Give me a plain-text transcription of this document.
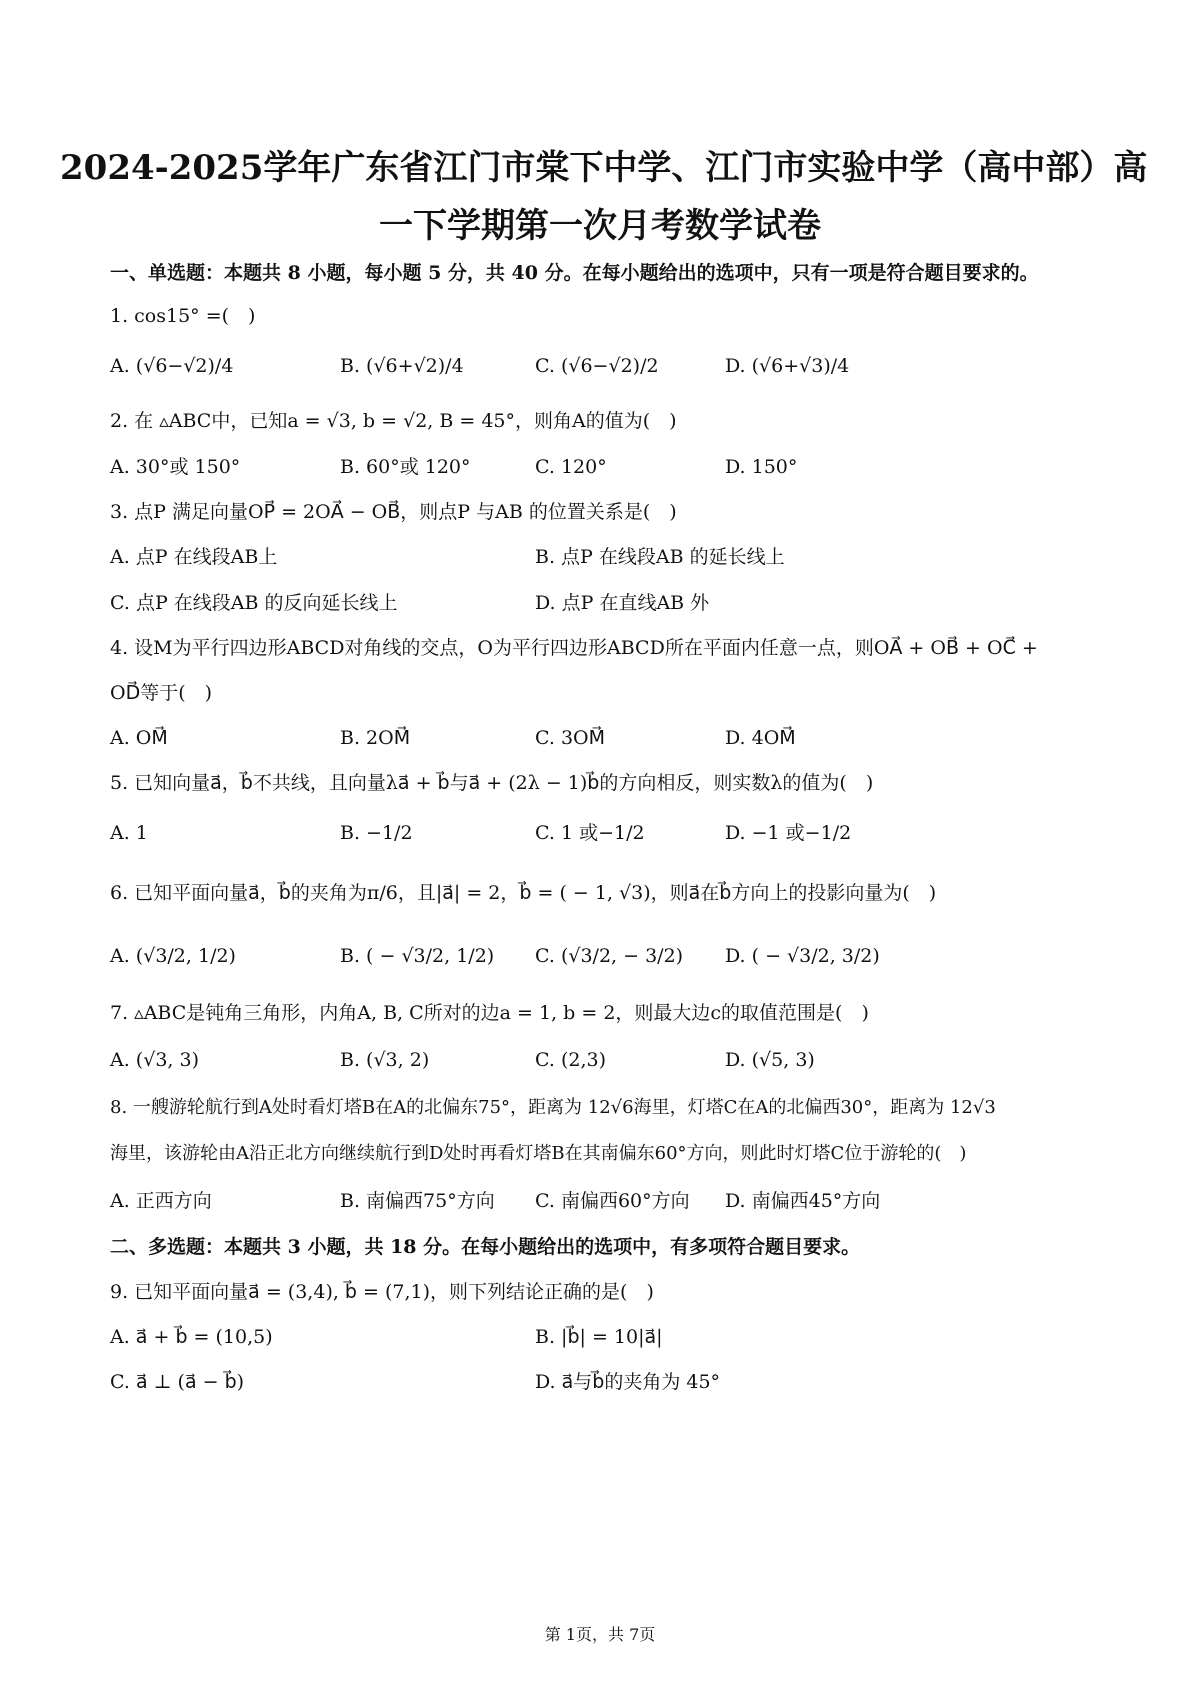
2024-2025学年广东省江门市棠下中学、江门市实验中学（高中部）高
一下学期第一次月考数学试卷
一、单选题：本题共 8 小题，每小题 5 分，共 40 分。在每小题给出的选项中，只有一项是符合题目要求的。
1. cos15° =(　)
A. (√6−√2)/4	B. (√6+√2)/4	C. (√6−√2)/2	D. (√6+√3)/4
2. 在 ▵ABC中，已知a = √3, b = √2, B = 45°，则角A的值为(　)
A. 30°或 150°	B. 60°或 120°	C. 120°	D. 150°
3. 点P 满足向量OP⃗ = 2OA⃗ − OB⃗，则点P 与AB 的位置关系是(　)
A. 点P 在线段AB上	B. 点P 在线段AB 的延长线上
C. 点P 在线段AB 的反向延长线上	D. 点P 在直线AB 外
4. 设M为平行四边形ABCD对角线的交点，O为平行四边形ABCD所在平面内任意一点，则OA⃗ + OB⃗ + OC⃗ +
OD⃗等于(　)
A. OM⃗	B. 2OM⃗	C. 3OM⃗	D. 4OM⃗
5. 已知向量a⃗，b⃗不共线，且向量λa⃗ + b⃗与a⃗ + (2λ − 1)b⃗的方向相反，则实数λ的值为(　)
A. 1	B. −1/2	C. 1 或−1/2	D. −1 或−1/2
6. 已知平面向量a⃗，b⃗的夹角为π/6，且|a⃗| = 2，b⃗ = ( − 1, √3)，则a⃗在b⃗方向上的投影向量为(　)
A. (√3/2, 1/2)	B. ( − √3/2, 1/2) C. (√3/2, − 3/2) D. ( − √3/2, 3/2)
7. ▵ABC是钝角三角形，内角A, B, C所对的边a = 1, b = 2，则最大边c的取值范围是(　)
A. (√3, 3)	B. (√3, 2)	C. (2,3)	D. (√5, 3)
8. 一艘游轮航行到A处时看灯塔B在A的北偏东75°，距离为 12√6海里，灯塔C在A的北偏西30°，距离为 12√3
海里，该游轮由A沿正北方向继续航行到D处时再看灯塔B在其南偏东60°方向，则此时灯塔C位于游轮的(　)
A. 正西方向	B. 南偏西75°方向 C. 南偏西60°方向 D. 南偏西45°方向
二、多选题：本题共 3 小题，共 18 分。在每小题给出的选项中，有多项符合题目要求。
9. 已知平面向量a⃗ = (3,4), b⃗ = (7,1)，则下列结论正确的是(　)
A. a⃗ + b⃗ = (10,5)	B. |b⃗| = 10|a⃗|
C. a⃗ ⊥ (a⃗ − b⃗)	D. a⃗与b⃗的夹角为 45°
第 1页，共 7页
